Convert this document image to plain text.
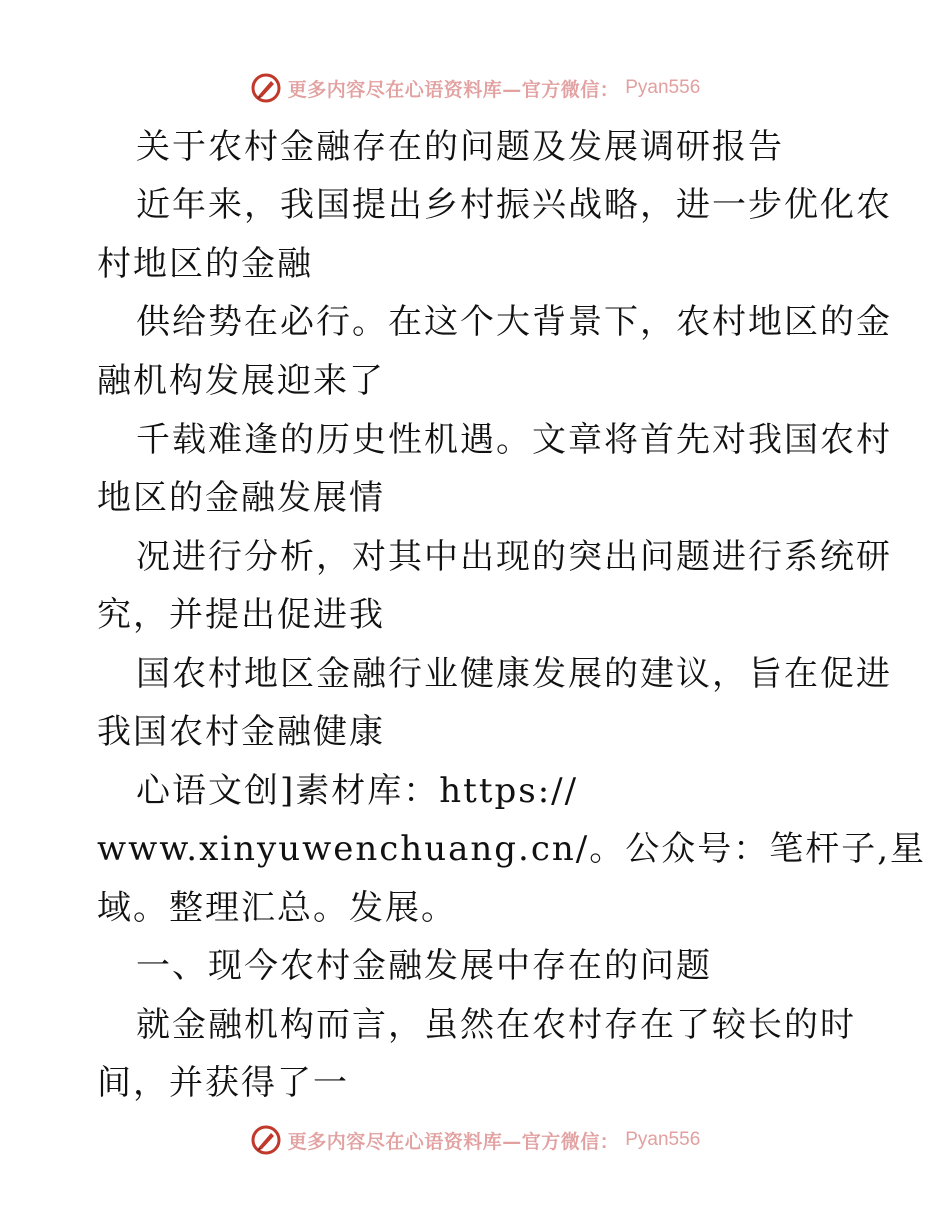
更多内容尽在心语资料库—官方微信： Pyan556
关于农村金融存在的问题及发展调研报告
近年来，我国提出乡村振兴战略，进一步优化农
村地区的金融
供给势在必行。在这个大背景下，农村地区的金
融机构发展迎来了
千载难逢的历史性机遇。文章将首先对我国农村
地区的金融发展情
况进行分析，对其中出现的突出问题进行系统研
究，并提出促进我
国农村地区金融行业健康发展的建议，旨在促进
我国农村金融健康
心语文创]素材库：https://
www.xinyuwenchuang.cn/。公众号：笔杆子,星
域。整理汇总。发展。
一、现今农村金融发展中存在的问题
就金融机构而言，虽然在农村存在了较长的时
间，并获得了一
更多内容尽在心语资料库—官方微信： Pyan556
